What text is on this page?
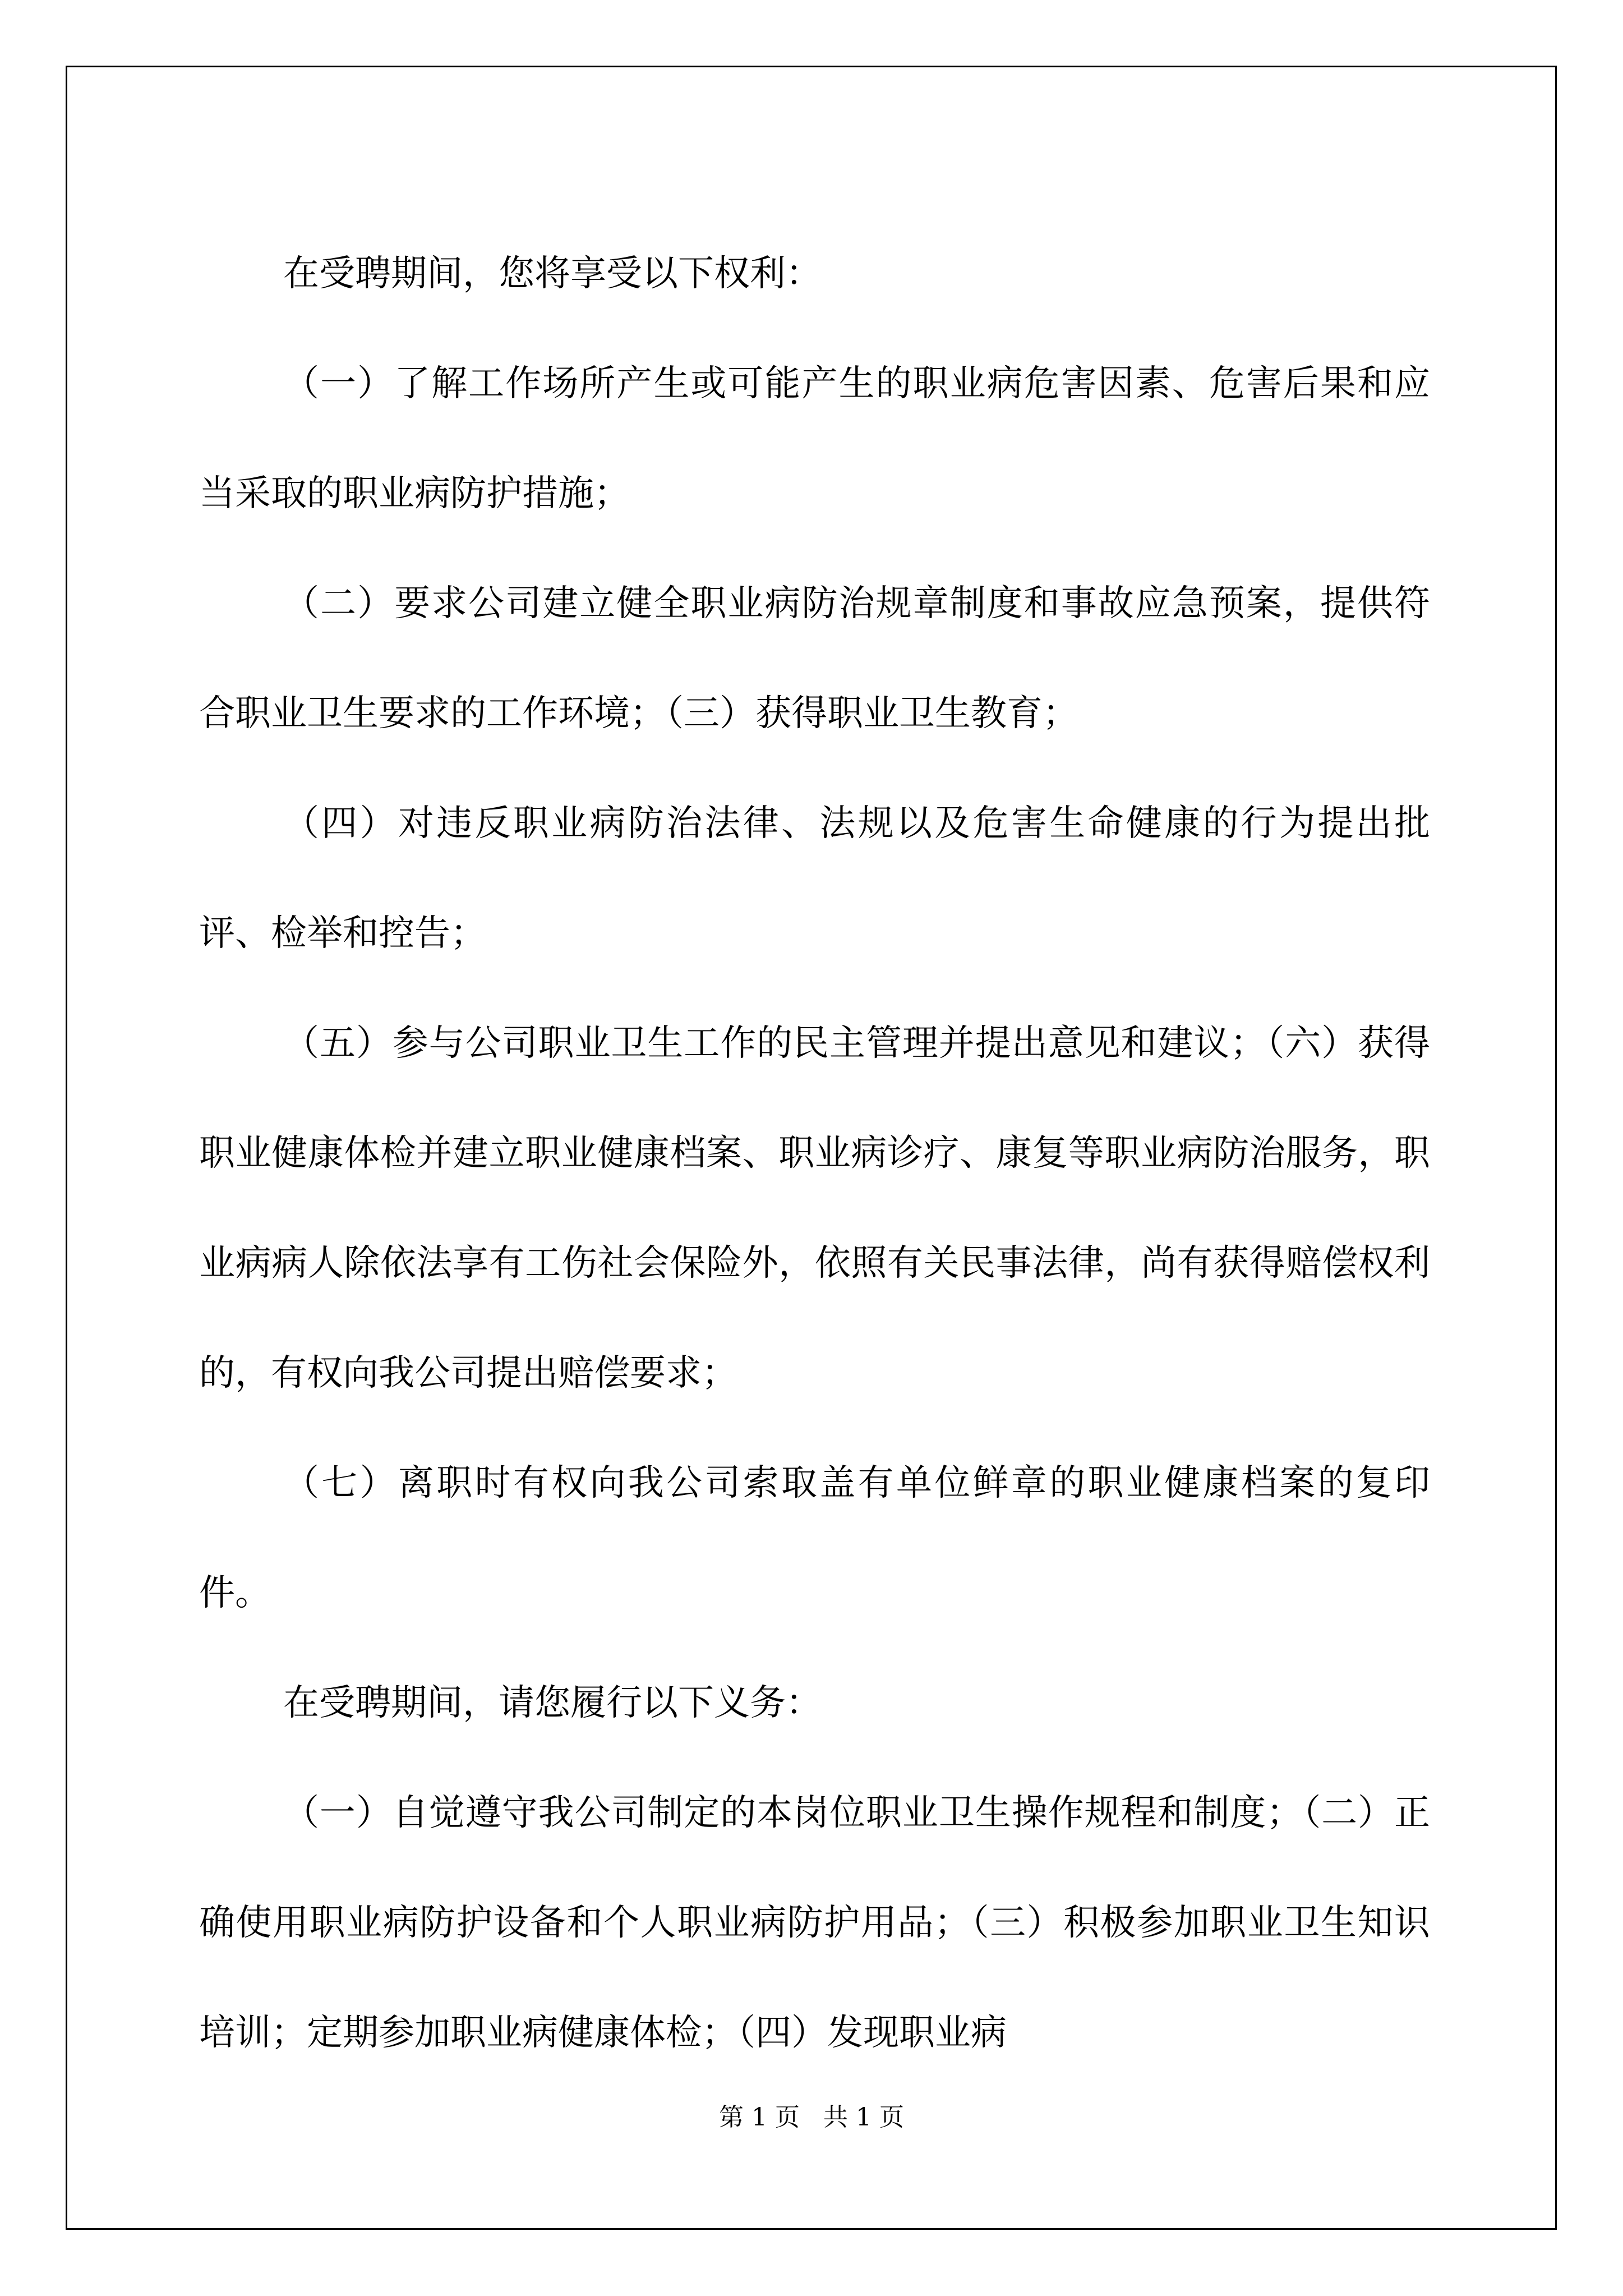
在受聘期间，您将享受以下权利：

（一）了解工作场所产生或可能产生的职业病危害因素、危害后果和应当采取的职业病防护措施；

（二）要求公司建立健全职业病防治规章制度和事故应急预案，提供符合职业卫生要求的工作环境；（三）获得职业卫生教育；

（四）对违反职业病防治法律、法规以及危害生命健康的行为提出批评、检举和控告；

（五）参与公司职业卫生工作的民主管理并提出意见和建议；（六）获得职业健康体检并建立职业健康档案、职业病诊疗、康复等职业病防治服务，职业病病人除依法享有工伤社会保险外，依照有关民事法律，尚有获得赔偿权利的，有权向我公司提出赔偿要求；

（七）离职时有权向我公司索取盖有单位鲜章的职业健康档案的复印件。

在受聘期间，请您履行以下义务：

（一）自觉遵守我公司制定的本岗位职业卫生操作规程和制度；（二）正确使用职业病防护设备和个人职业病防护用品；（三）积极参加职业卫生知识培训；定期参加职业病健康体检；（四）发现职业病

第 1 页   共 1 页
